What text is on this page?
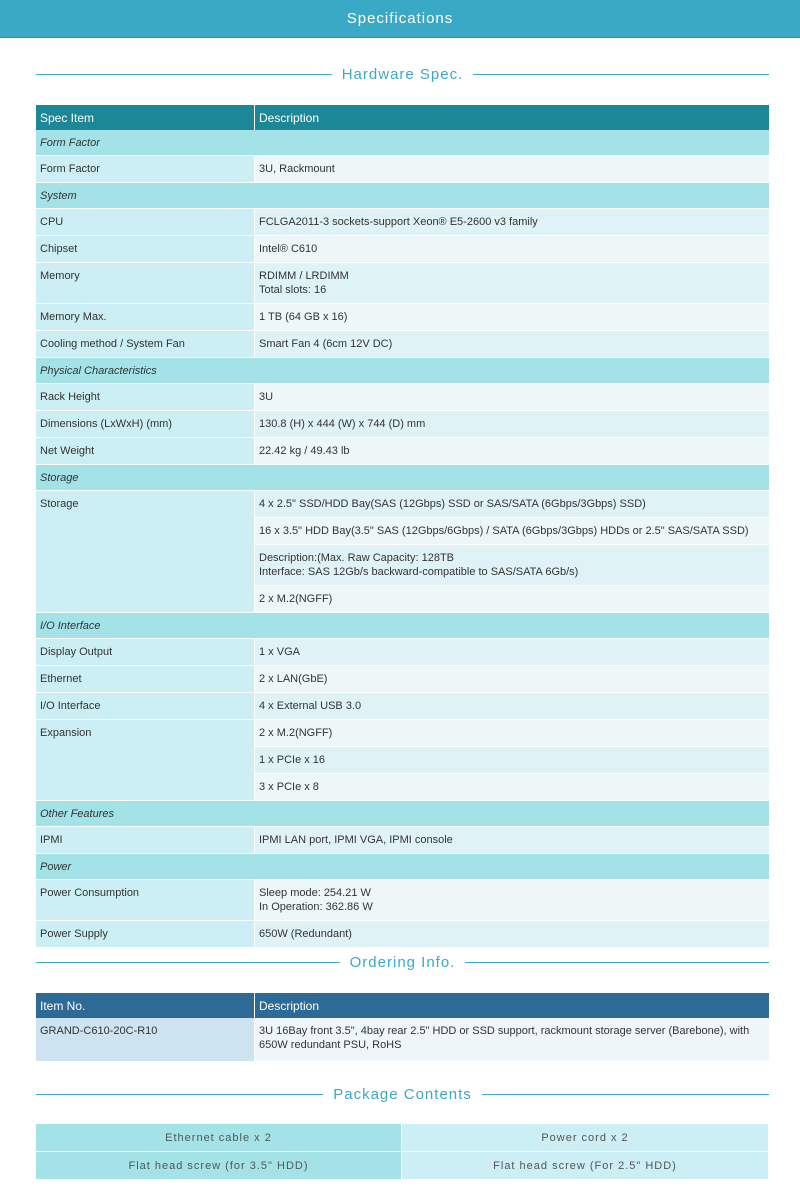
Specifications
Hardware Spec.
Spec Item	Description
Form Factor	
Form Factor	3U, Rackmount
System	
CPU	FCLGA2011-3 sockets-support Xeon® E5-2600 v3 family
Chipset	Intel® C610
Memory	RDIMM / LRDIMM
Total slots: 16
Memory Max.	1 TB (64 GB x 16)
Cooling method / System Fan	Smart Fan 4 (6cm 12V DC)
Physical Characteristics	
Rack Height	3U
Dimensions (LxWxH) (mm)	130.8 (H) x 444 (W) x 744 (D) mm
Net Weight	22.42 kg / 49.43 lb
Storage	
Storage	4 x 2.5" SSD/HDD Bay(SAS (12Gbps) SSD or SAS/SATA (6Gbps/3Gbps) SSD)
	16 x 3.5" HDD Bay(3.5" SAS (12Gbps/6Gbps) / SATA (6Gbps/3Gbps) HDDs or 2.5" SAS/SATA SSD)
	Description:(Max. Raw Capacity: 128TB
Interface: SAS 12Gb/s backward-compatible to SAS/SATA 6Gb/s)
	2 x M.2(NGFF)
I/O Interface	
Display Output	1 x VGA
Ethernet	2 x LAN(GbE)
I/O Interface	4 x External USB 3.0
Expansion	2 x M.2(NGFF)
	1 x PCIe x 16
	3 x PCIe x 8
Other Features	
IPMI	IPMI LAN port, IPMI VGA, IPMI console
Power	
Power Consumption	Sleep mode: 254.21 W
In Operation: 362.86 W
Power Supply	650W (Redundant)
Ordering Info.
Item No.	Description
GRAND-C610-20C-R10	3U 16Bay front 3.5", 4bay rear 2.5" HDD or SSD support, rackmount storage server (Barebone), with 650W redundant PSU, RoHS
Package Contents
Ethernet cable x 2	Power cord x 2
Flat head screw (for 3.5" HDD)	Flat head screw (For 2.5" HDD)
